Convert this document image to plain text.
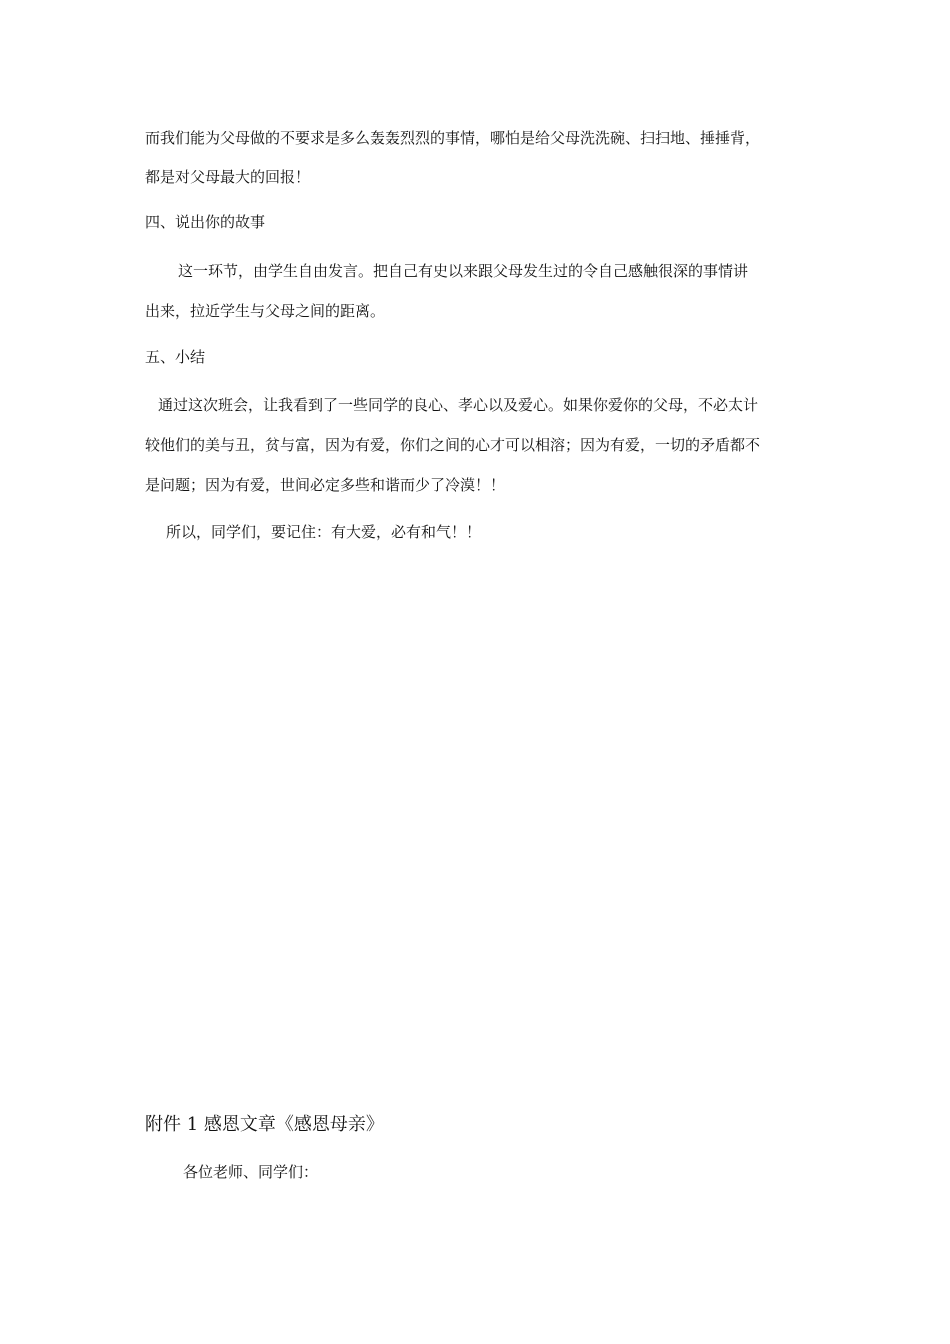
而我们能为父母做的不要求是多么轰轰烈烈的事情，哪怕是给父母洗洗碗、扫扫地、捶捶背，
都是对父母最大的回报！
四、说出你的故事
这一环节，由学生自由发言。把自己有史以来跟父母发生过的令自己感触很深的事情讲
出来，拉近学生与父母之间的距离。
五、小结
通过这次班会，让我看到了一些同学的良心、孝心以及爱心。如果你爱你的父母，不必太计
较他们的美与丑，贫与富，因为有爱，你们之间的心才可以相溶；因为有爱，一切的矛盾都不
是问题；因为有爱，世间必定多些和谐而少了冷漠！！
所以，同学们，要记住：有大爱，必有和气！！
附件 1 感恩文章《感恩母亲》
各位老师、同学们：
